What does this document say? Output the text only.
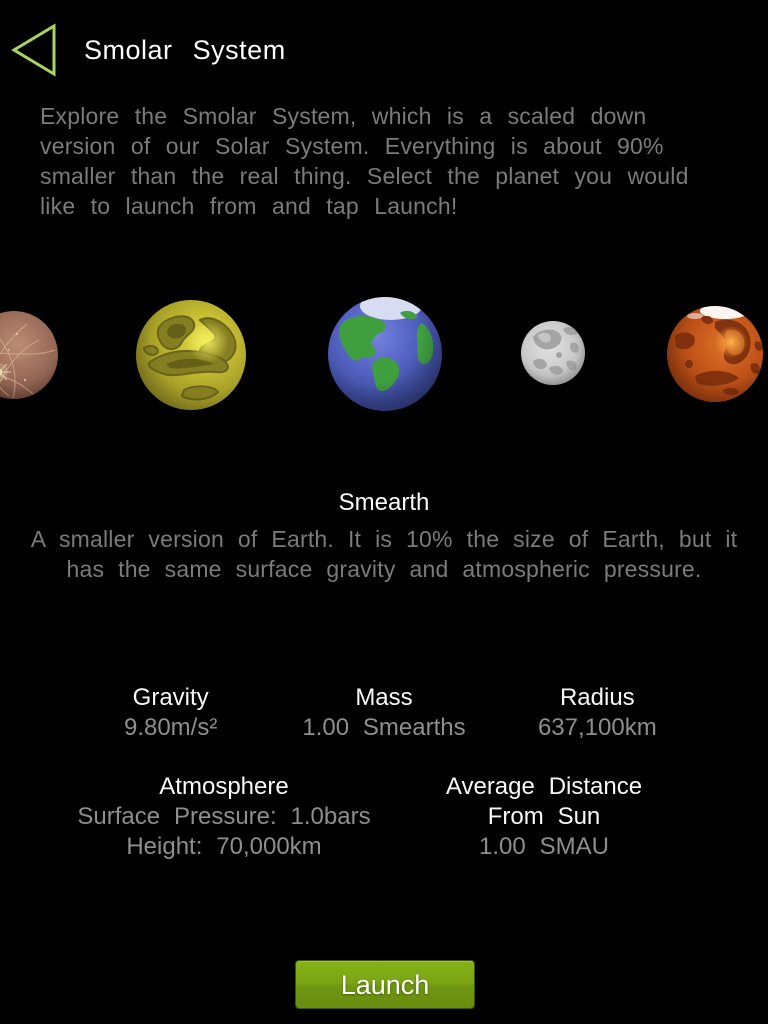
Smolar System
Explore the Smolar System, which is a scaled down version of our Solar System. Everything is about 90% smaller than the real thing. Select the planet you would like to launch from and tap Launch!
Smearth
A smaller version of Earth. It is 10% the size of Earth, but it has the same surface gravity and atmospheric pressure.
Gravity
9.80m/s²
Mass
1.00 Smearths
Radius
637,100km
Atmosphere
Surface Pressure: 1.0bars
Height: 70,000km
Average Distance From Sun
1.00 SMAU
Launch
